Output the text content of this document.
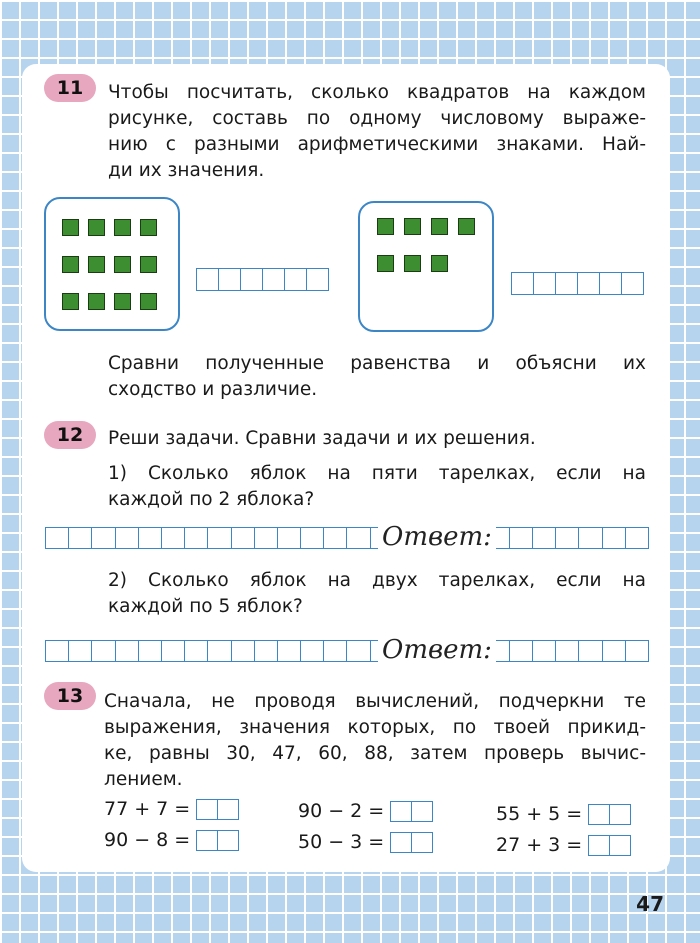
11 Чтобы посчитать, сколько квадратов на каждом
рисунке, составь по одному числовому выраже-
нию с разными арифметическими знаками. Най-
ди их значения.
Сравни полученные равенства и объясни их
сходство и различие.
12 Реши задачи. Сравни задачи и их решения.
1) Сколько яблок на пяти тарелках, если на
каждой по 2 яблока?
Ответ:
2) Сколько яблок на двух тарелках, если на
каждой по 5 яблок?
Ответ:
13 Сначала, не проводя вычислений, подчеркни те
выражения, значения которых, по твоей прикид-
ке, равны 30, 47, 60, 88, затем проверь вычис-
лением.
77 + 7 =
90 − 8 =
90 − 2 =
50 − 3 =
55 + 5 =
27 + 3 =
47
